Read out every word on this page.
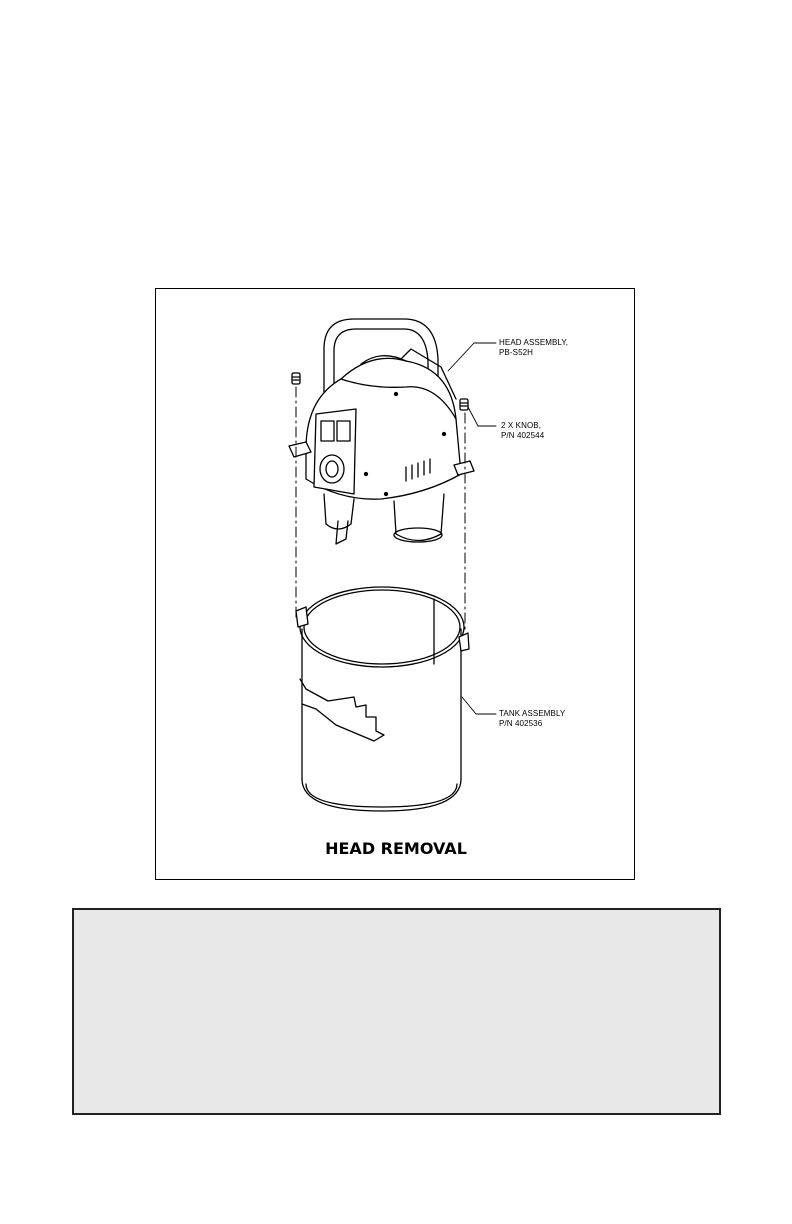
HEAD ASSEMBLY,
PB-S52H
2 X KNOB,
P/N 402544
TANK ASSEMBLY
P/N 402536
HEAD REMOVAL
